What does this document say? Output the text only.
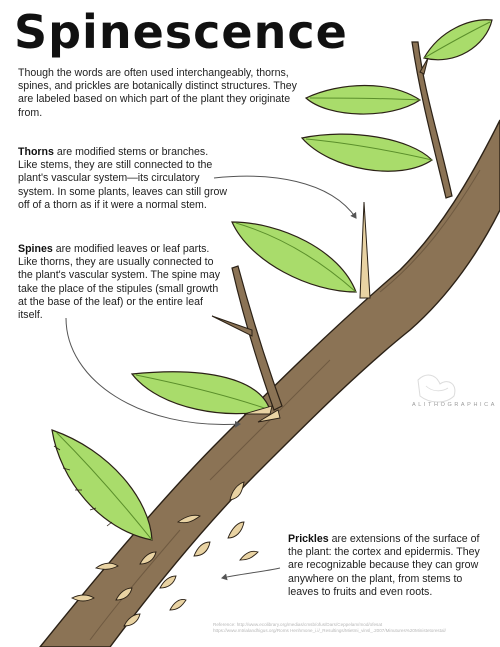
Spinescence

Though the words are often used interchangeably, thorns, spines, and prickles are botanically distinct structures. They are labeled based on which part of the plant they originate from.

Thorns are modified stems or branches. Like stems, they are still connected to the plant's vascular system—its circulatory system. In some plants, leaves can still grow off of a thorn as if it were a normal stem.

Spines are modified leaves or leaf parts. Like thorns, they are usually connected to the plant's vascular system. The spine may take the place of the stipules (small growth at the base of the leaf) or the entire leaf itself.

Prickles are extensions of the surface of the plant: the cortex and epidermis. They are recognizable because they can grow anywhere on the plant, from stems to leaves to fruits and even roots.

ALITHOGRAPHICA
Reference: http://www.ecolibrary.org/medias/cmsb/ofus/Dars/Ceppelam/mod/ofesat
https://www.mtrialandhigus.org/Roms Henhmone_i.i/_Resultings/Mietmi_vinsl_.2007/Minutures%20Ministetorestal/
